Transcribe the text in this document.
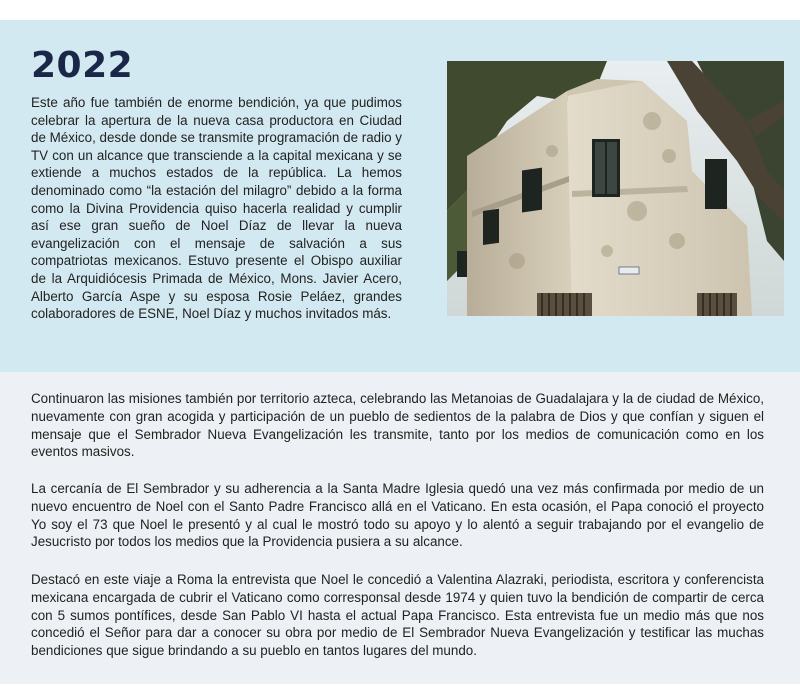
2022

Este año fue también de enorme bendición, ya que pudimos celebrar la apertura de la nueva casa productora en Ciudad de México, desde donde se transmite programación de radio y TV con un alcance que transciende a la capital mexicana y se extiende a muchos estados de la república. La hemos denominado como “la estación del milagro” debido a la forma como la Divina Providencia quiso hacerla realidad y cumplir así ese gran sueño de Noel Díaz de llevar la nueva evangelización con el mensaje de salvación a sus compatriotas mexicanos. Estuvo presente el Obispo auxiliar de la Arquidiócesis Primada de México, Mons. Javier Acero, Alberto García Aspe y su esposa Rosie Peláez, grandes colaboradores de ESNE, Noel Díaz y muchos invitados más.

Continuaron las misiones también por territorio azteca, celebrando las Metanoias de Guadalajara y la de ciudad de México, nuevamente con gran acogida y participación de un pueblo de sedientos de la palabra de Dios y que confían y siguen el mensaje que el Sembrador Nueva Evangelización les transmite, tanto por los medios de comunicación como en los eventos masivos.

La cercanía de El Sembrador y su adherencia a la Santa Madre Iglesia quedó una vez más confirmada por medio de un nuevo encuentro de Noel con el Santo Padre Francisco allá en el Vaticano. En esta ocasión, el Papa conoció el proyecto Yo soy el 73 que Noel le presentó y al cual le mostró todo su apoyo y lo alentó a seguir trabajando por el evangelio de Jesucristo por todos los medios que la Providencia pusiera a su alcance.

Destacó en este viaje a Roma la entrevista que Noel le concedió a Valentina Alazraki, periodista, escritora y conferencista mexicana encargada de cubrir el Vaticano como corresponsal desde 1974 y quien tuvo la bendición de compartir de cerca con 5 sumos pontífices, desde San Pablo VI hasta el actual Papa Francisco. Esta entrevista fue un medio más que nos concedió el Señor para dar a conocer su obra por medio de El Sembrador Nueva Evangelización y testificar las muchas bendiciones que sigue brindando a su pueblo en tantos lugares del mundo.
